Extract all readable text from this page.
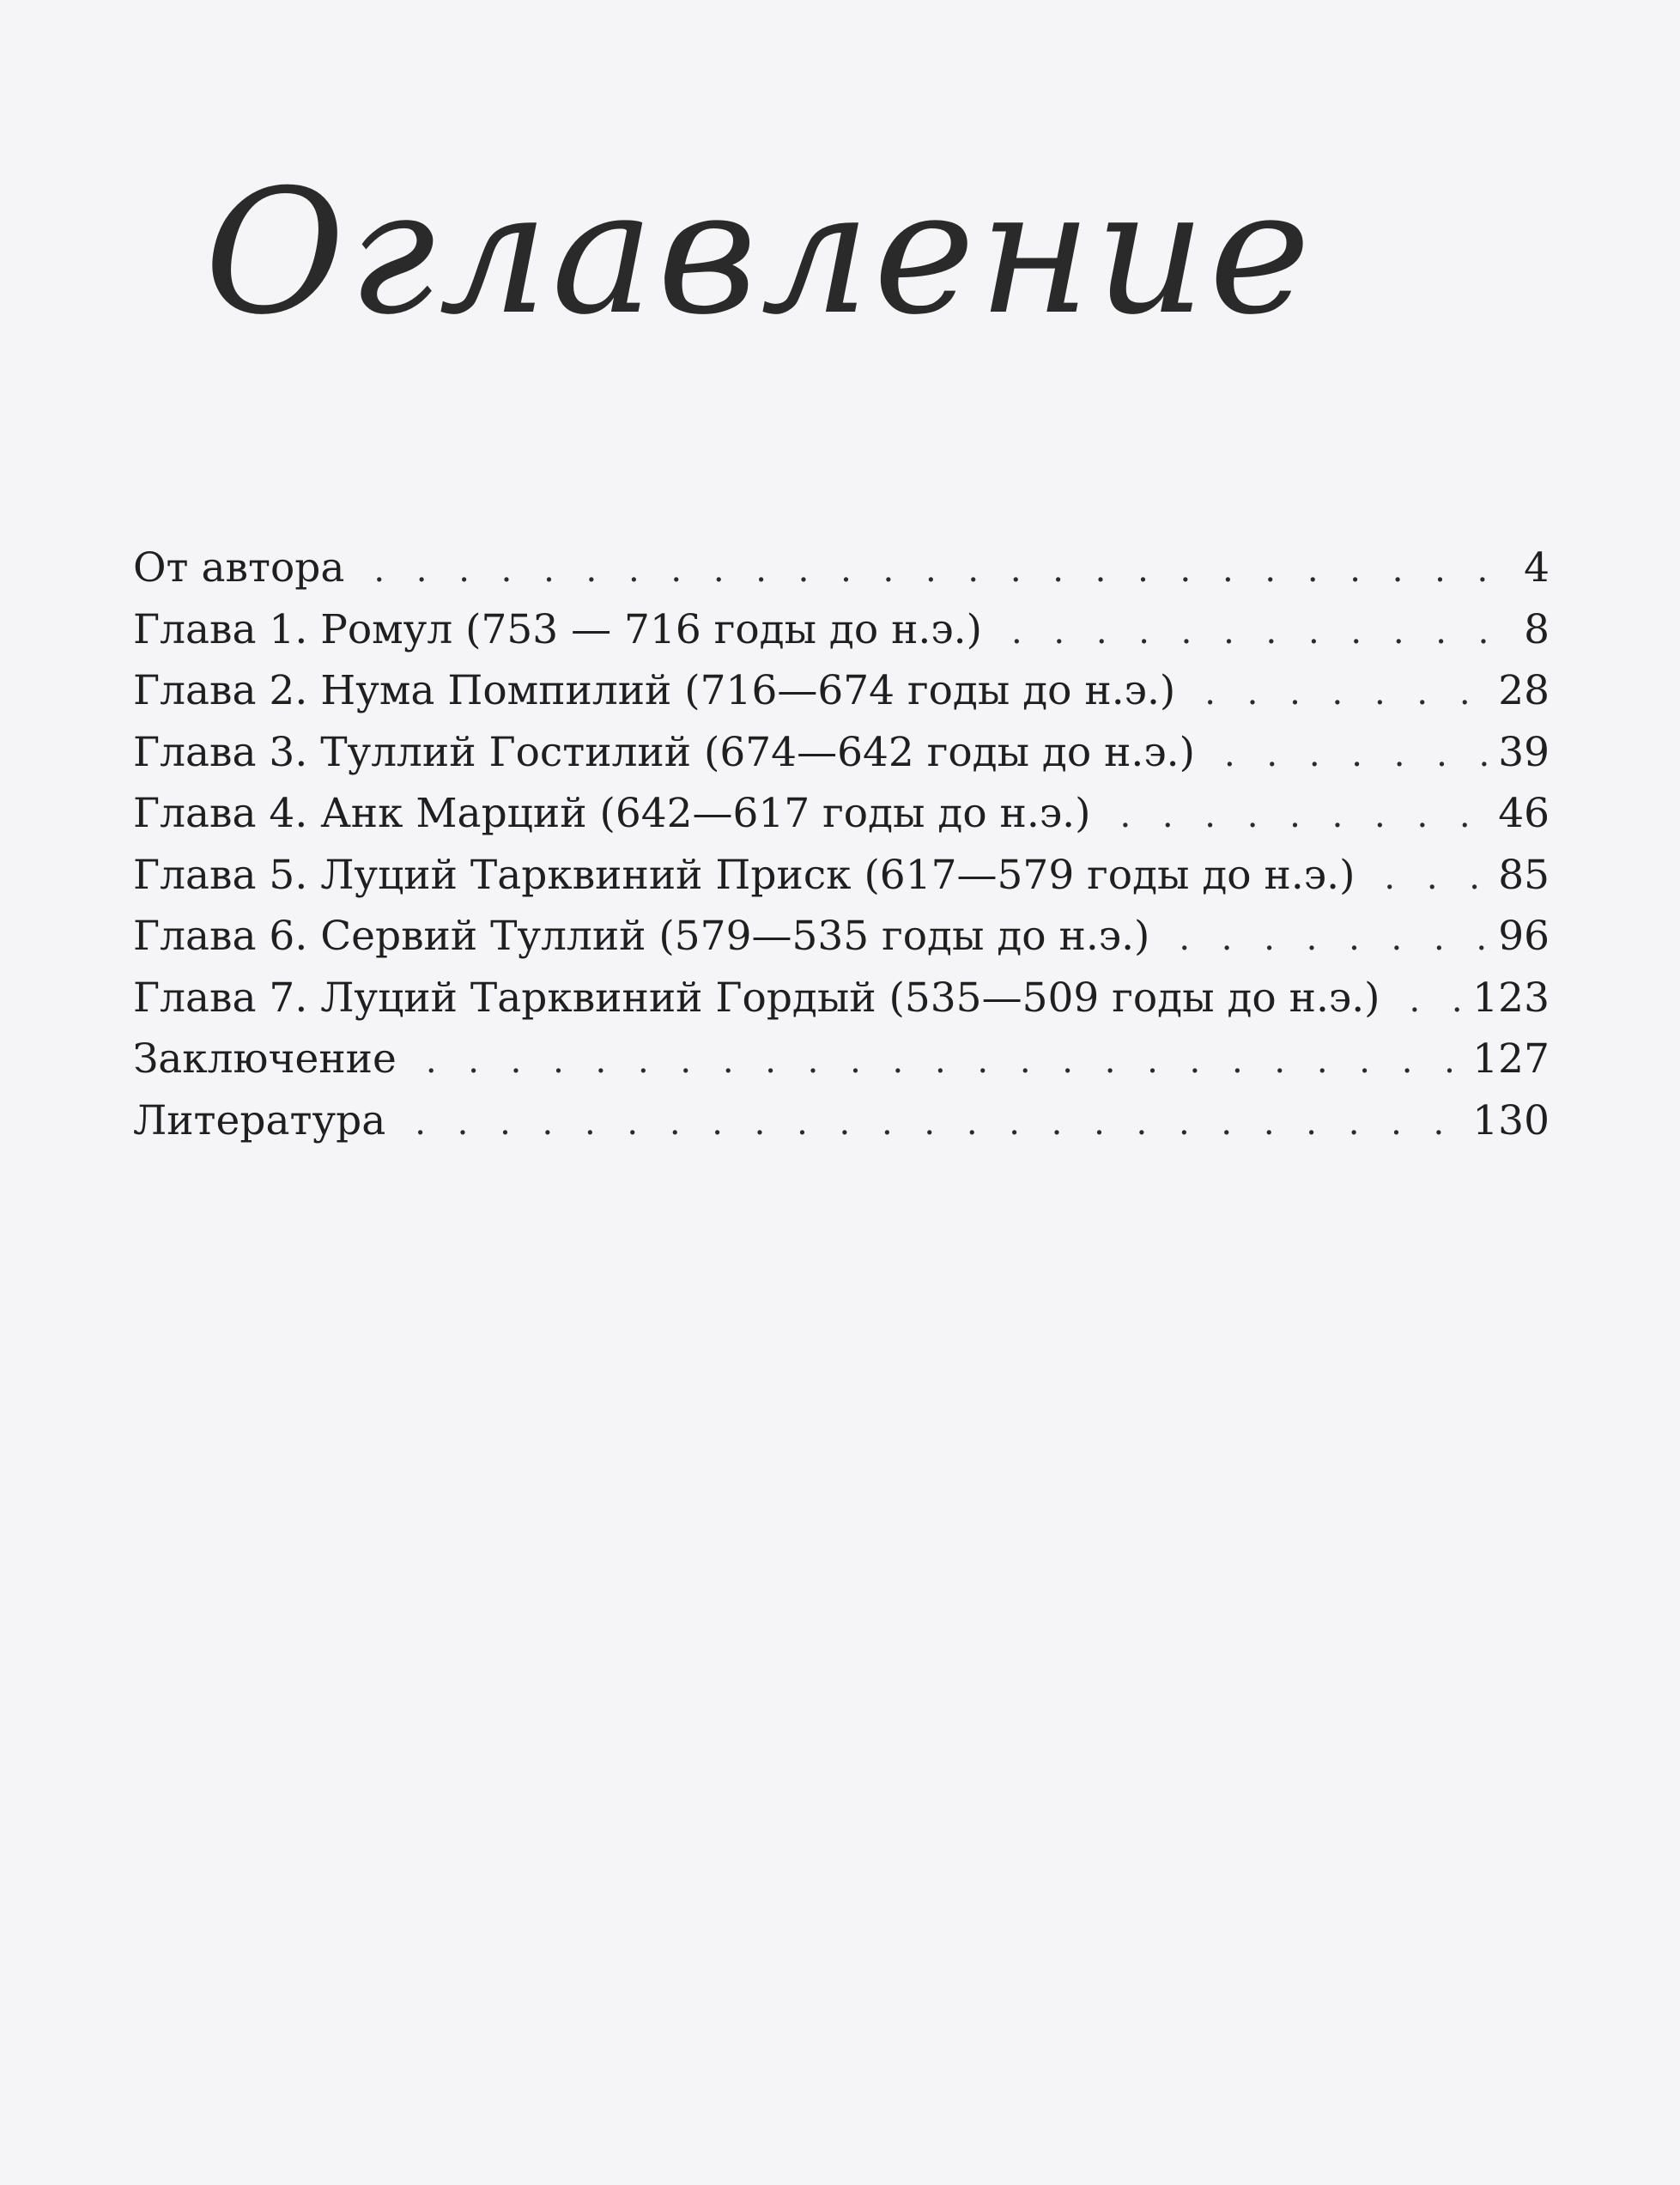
Оглавление
От автора . . .	4
Глава 1. Ромул (753 — 716 годы до н.э.) . . .	8
Глава 2. Нума Помпилий (716—674 годы до н.э.) . . .	28
Глава 3. Туллий Гостилий (674—642 годы до н.э.) . . .	39
Глава 4. Анк Марций (642—617 годы до н.э.) . . .	46
Глава 5. Луций Тарквиний Приск (617—579 годы до н.э.) . . .	85
Глава 6. Сервий Туллий (579—535 годы до н.э.) . . .	96
Глава 7. Луций Тарквиний Гордый (535—509 годы до н.э.) . . . 123
Заключение . . .	127
Литература . . .	130
